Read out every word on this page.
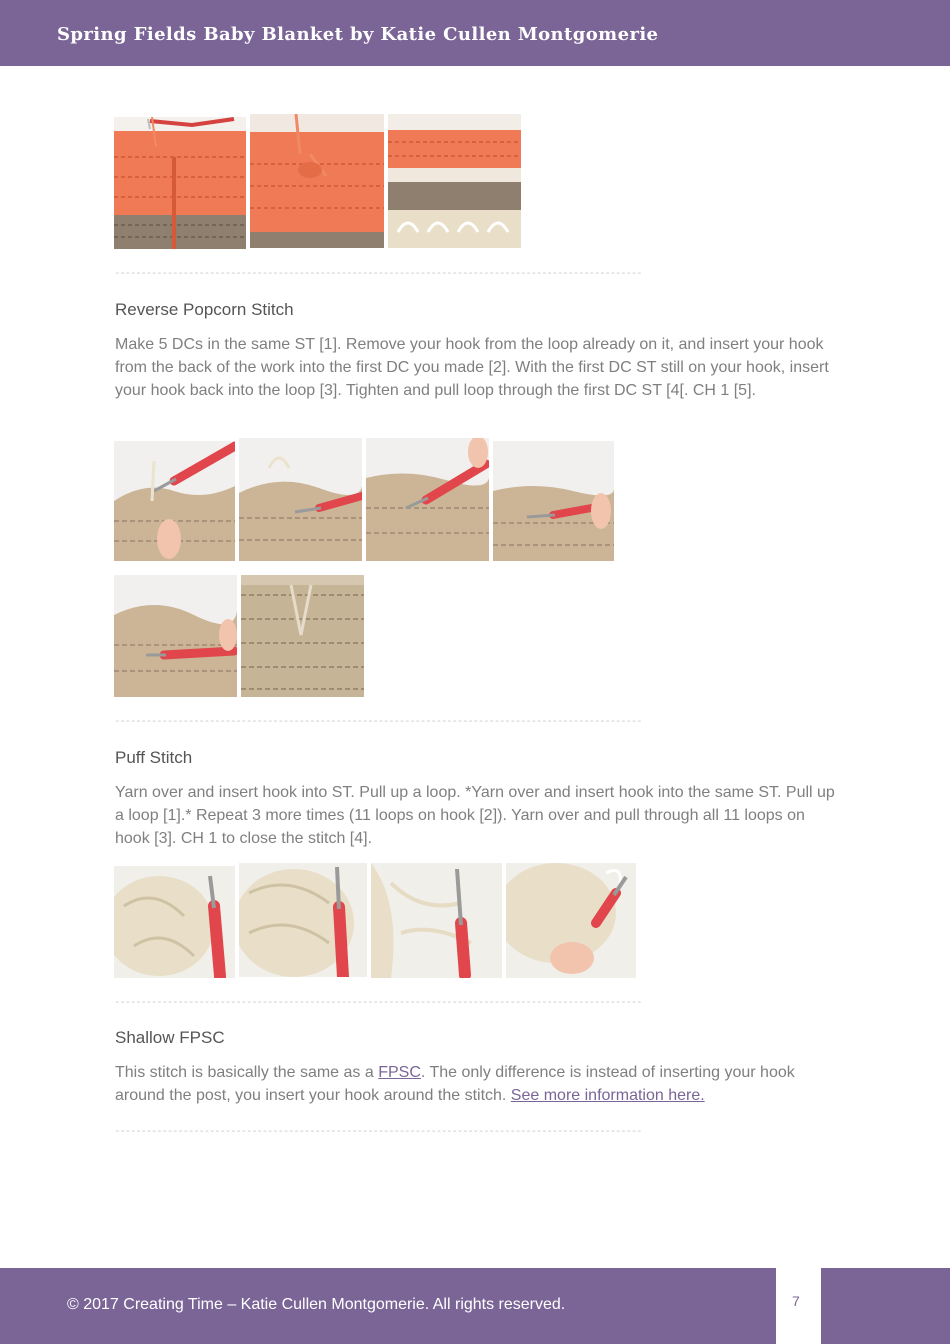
Spring Fields Baby Blanket by Katie Cullen Montgomerie
----------------------------------------------------------------------------------------------------
Reverse Popcorn Stitch
Make 5 DCs in the same ST [1]. Remove your hook from the loop already on it, and insert your hook from the back of the work into the first DC you made [2]. With the first DC ST still on your hook, insert your hook back into the loop [3]. Tighten and pull loop through the first DC ST [4[. CH 1 [5].
----------------------------------------------------------------------------------------------------
Puff Stitch
Yarn over and insert hook into ST. Pull up a loop. *Yarn over and insert hook into the same ST. Pull up a loop [1].* Repeat 3 more times (11 loops on hook [2]). Yarn over and pull through all 11 loops on hook [3]. CH 1 to close the stitch [4].
----------------------------------------------------------------------------------------------------
Shallow FPSC
This stitch is basically the same as a FPSC. The only difference is instead of inserting your hook around the post, you insert your hook around the stitch. See more information here.
----------------------------------------------------------------------------------------------------
© 2017 Creating Time – Katie Cullen Montgomerie. All rights reserved.	7
